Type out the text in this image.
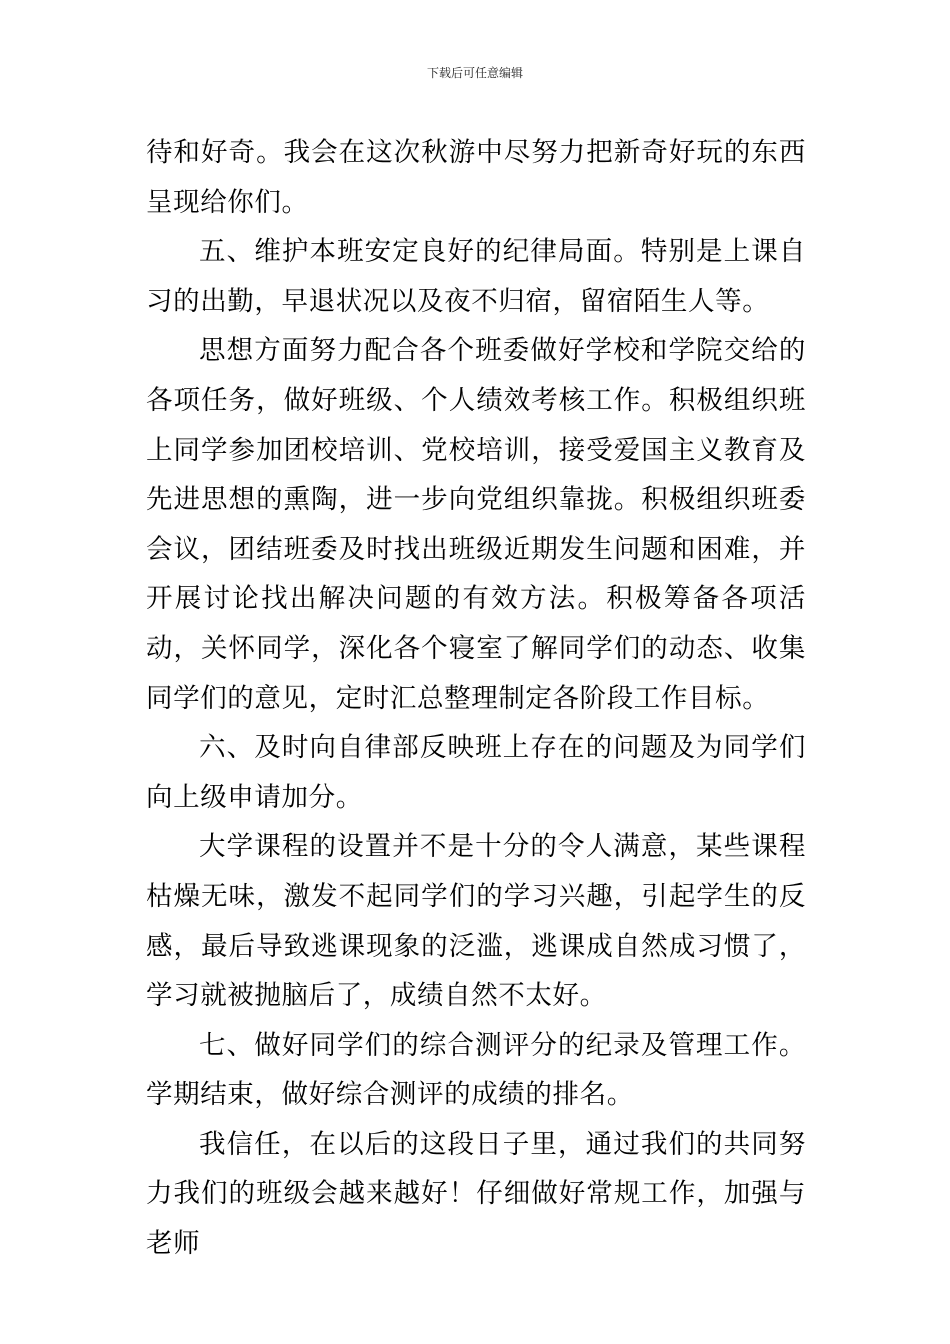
下载后可任意编辑

待和好奇。我会在这次秋游中尽努力把新奇好玩的东西呈现给你们。

五、维护本班安定良好的纪律局面。特别是上课自习的出勤，早退状况以及夜不归宿，留宿陌生人等。

思想方面努力配合各个班委做好学校和学院交给的各项任务，做好班级、个人绩效考核工作。积极组织班上同学参加团校培训、党校培训，接受爱国主义教育及先进思想的熏陶，进一步向党组织靠拢。积极组织班委会议，团结班委及时找出班级近期发生问题和困难，并开展讨论找出解决问题的有效方法。积极筹备各项活动，关怀同学，深化各个寝室了解同学们的动态、收集同学们的意见，定时汇总整理制定各阶段工作目标。

六、及时向自律部反映班上存在的问题及为同学们向上级申请加分。

大学课程的设置并不是十分的令人满意，某些课程枯燥无味，激发不起同学们的学习兴趣，引起学生的反感，最后导致逃课现象的泛滥，逃课成自然成习惯了，学习就被抛脑后了，成绩自然不太好。

七、做好同学们的综合测评分的纪录及管理工作。学期结束，做好综合测评的成绩的排名。

我信任，在以后的这段日子里，通过我们的共同努力我们的班级会越来越好！仔细做好常规工作，加强与老师
